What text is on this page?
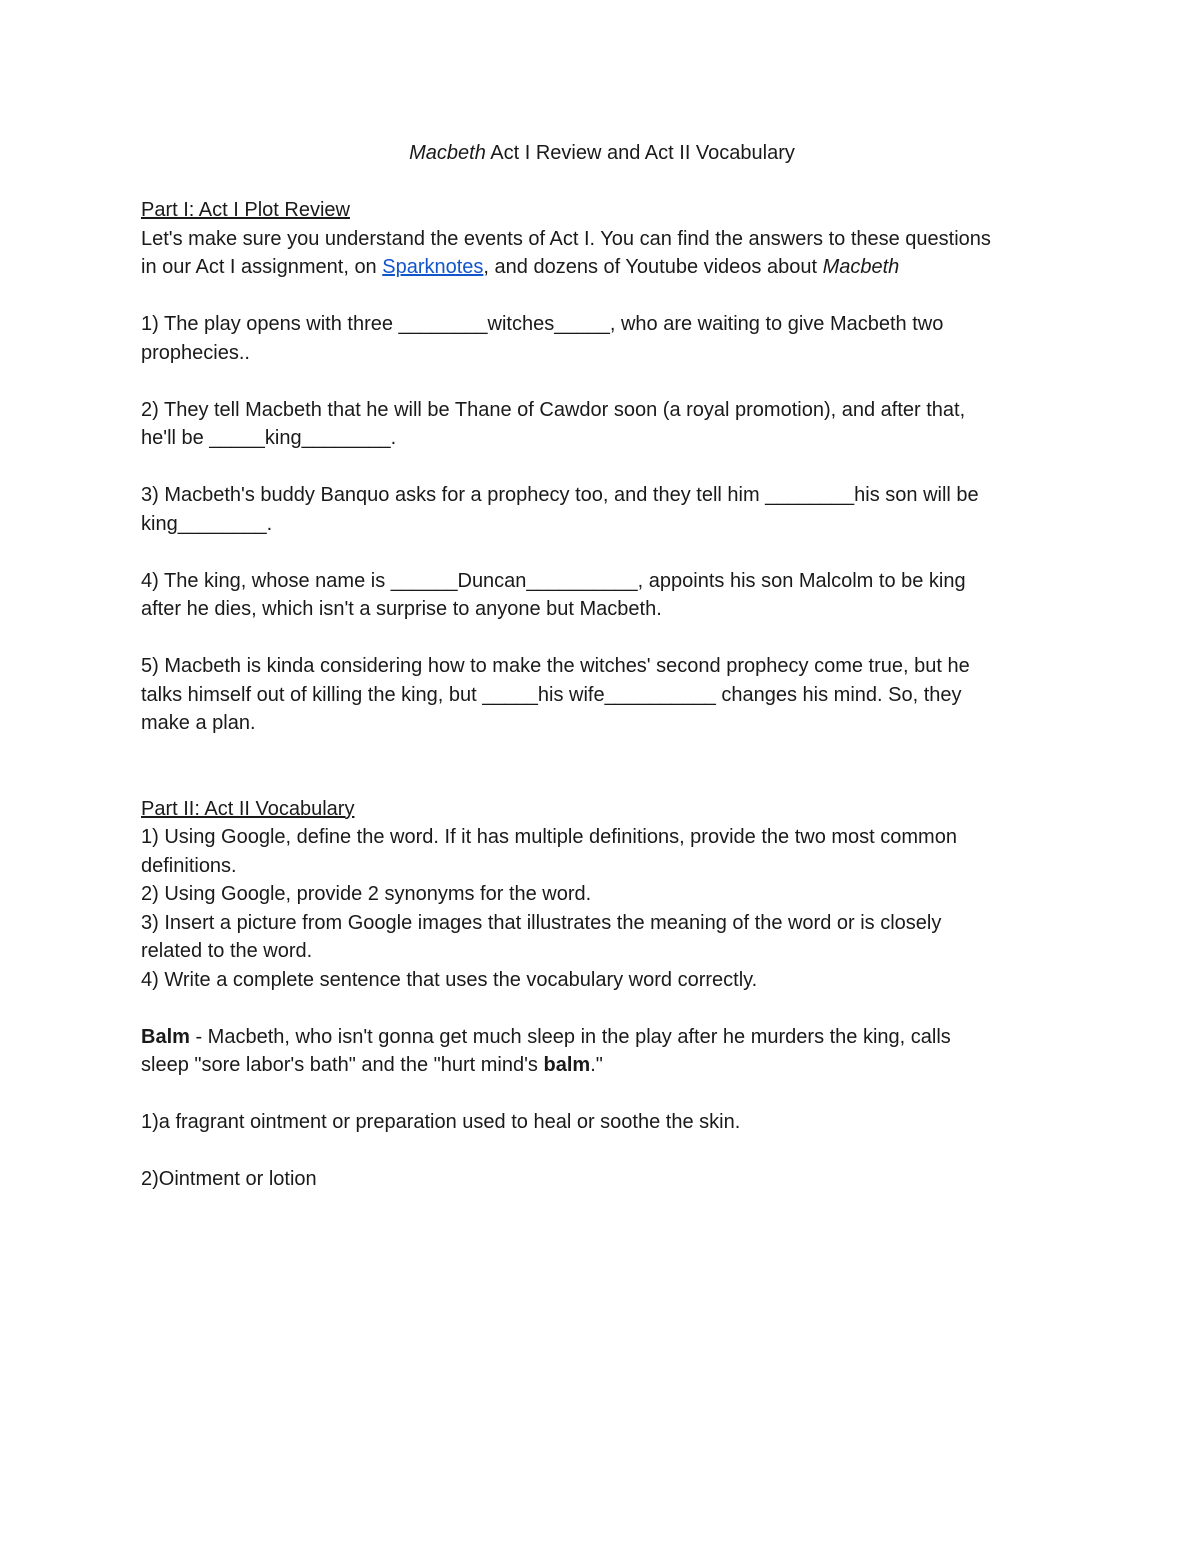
Macbeth Act I Review and Act II Vocabulary
Part I: Act I Plot Review
Let's make sure you understand the events of Act I. You can find the answers to these questions
in our Act I assignment, on Sparknotes, and dozens of Youtube videos about Macbeth
1) The play opens with three ________witches_____, who are waiting to give Macbeth two
prophecies..
2) They tell Macbeth that he will be Thane of Cawdor soon (a royal promotion), and after that,
he'll be _____king________.
3) Macbeth's buddy Banquo asks for a prophecy too, and they tell him ________his son will be
king________.
4) The king, whose name is ______Duncan__________, appoints his son Malcolm to be king
after he dies, which isn't a surprise to anyone but Macbeth.
5) Macbeth is kinda considering how to make the witches' second prophecy come true, but he
talks himself out of killing the king, but _____his wife__________ changes his mind. So, they
make a plan.
Part II: Act II Vocabulary
1) Using Google, define the word. If it has multiple definitions, provide the two most common
definitions.
2) Using Google, provide 2 synonyms for the word.
3) Insert a picture from Google images that illustrates the meaning of the word or is closely
related to the word.
4) Write a complete sentence that uses the vocabulary word correctly.
Balm - Macbeth, who isn't gonna get much sleep in the play after he murders the king, calls
sleep "sore labor's bath" and the "hurt mind's balm."
1)a fragrant ointment or preparation used to heal or soothe the skin.
2)Ointment or lotion
